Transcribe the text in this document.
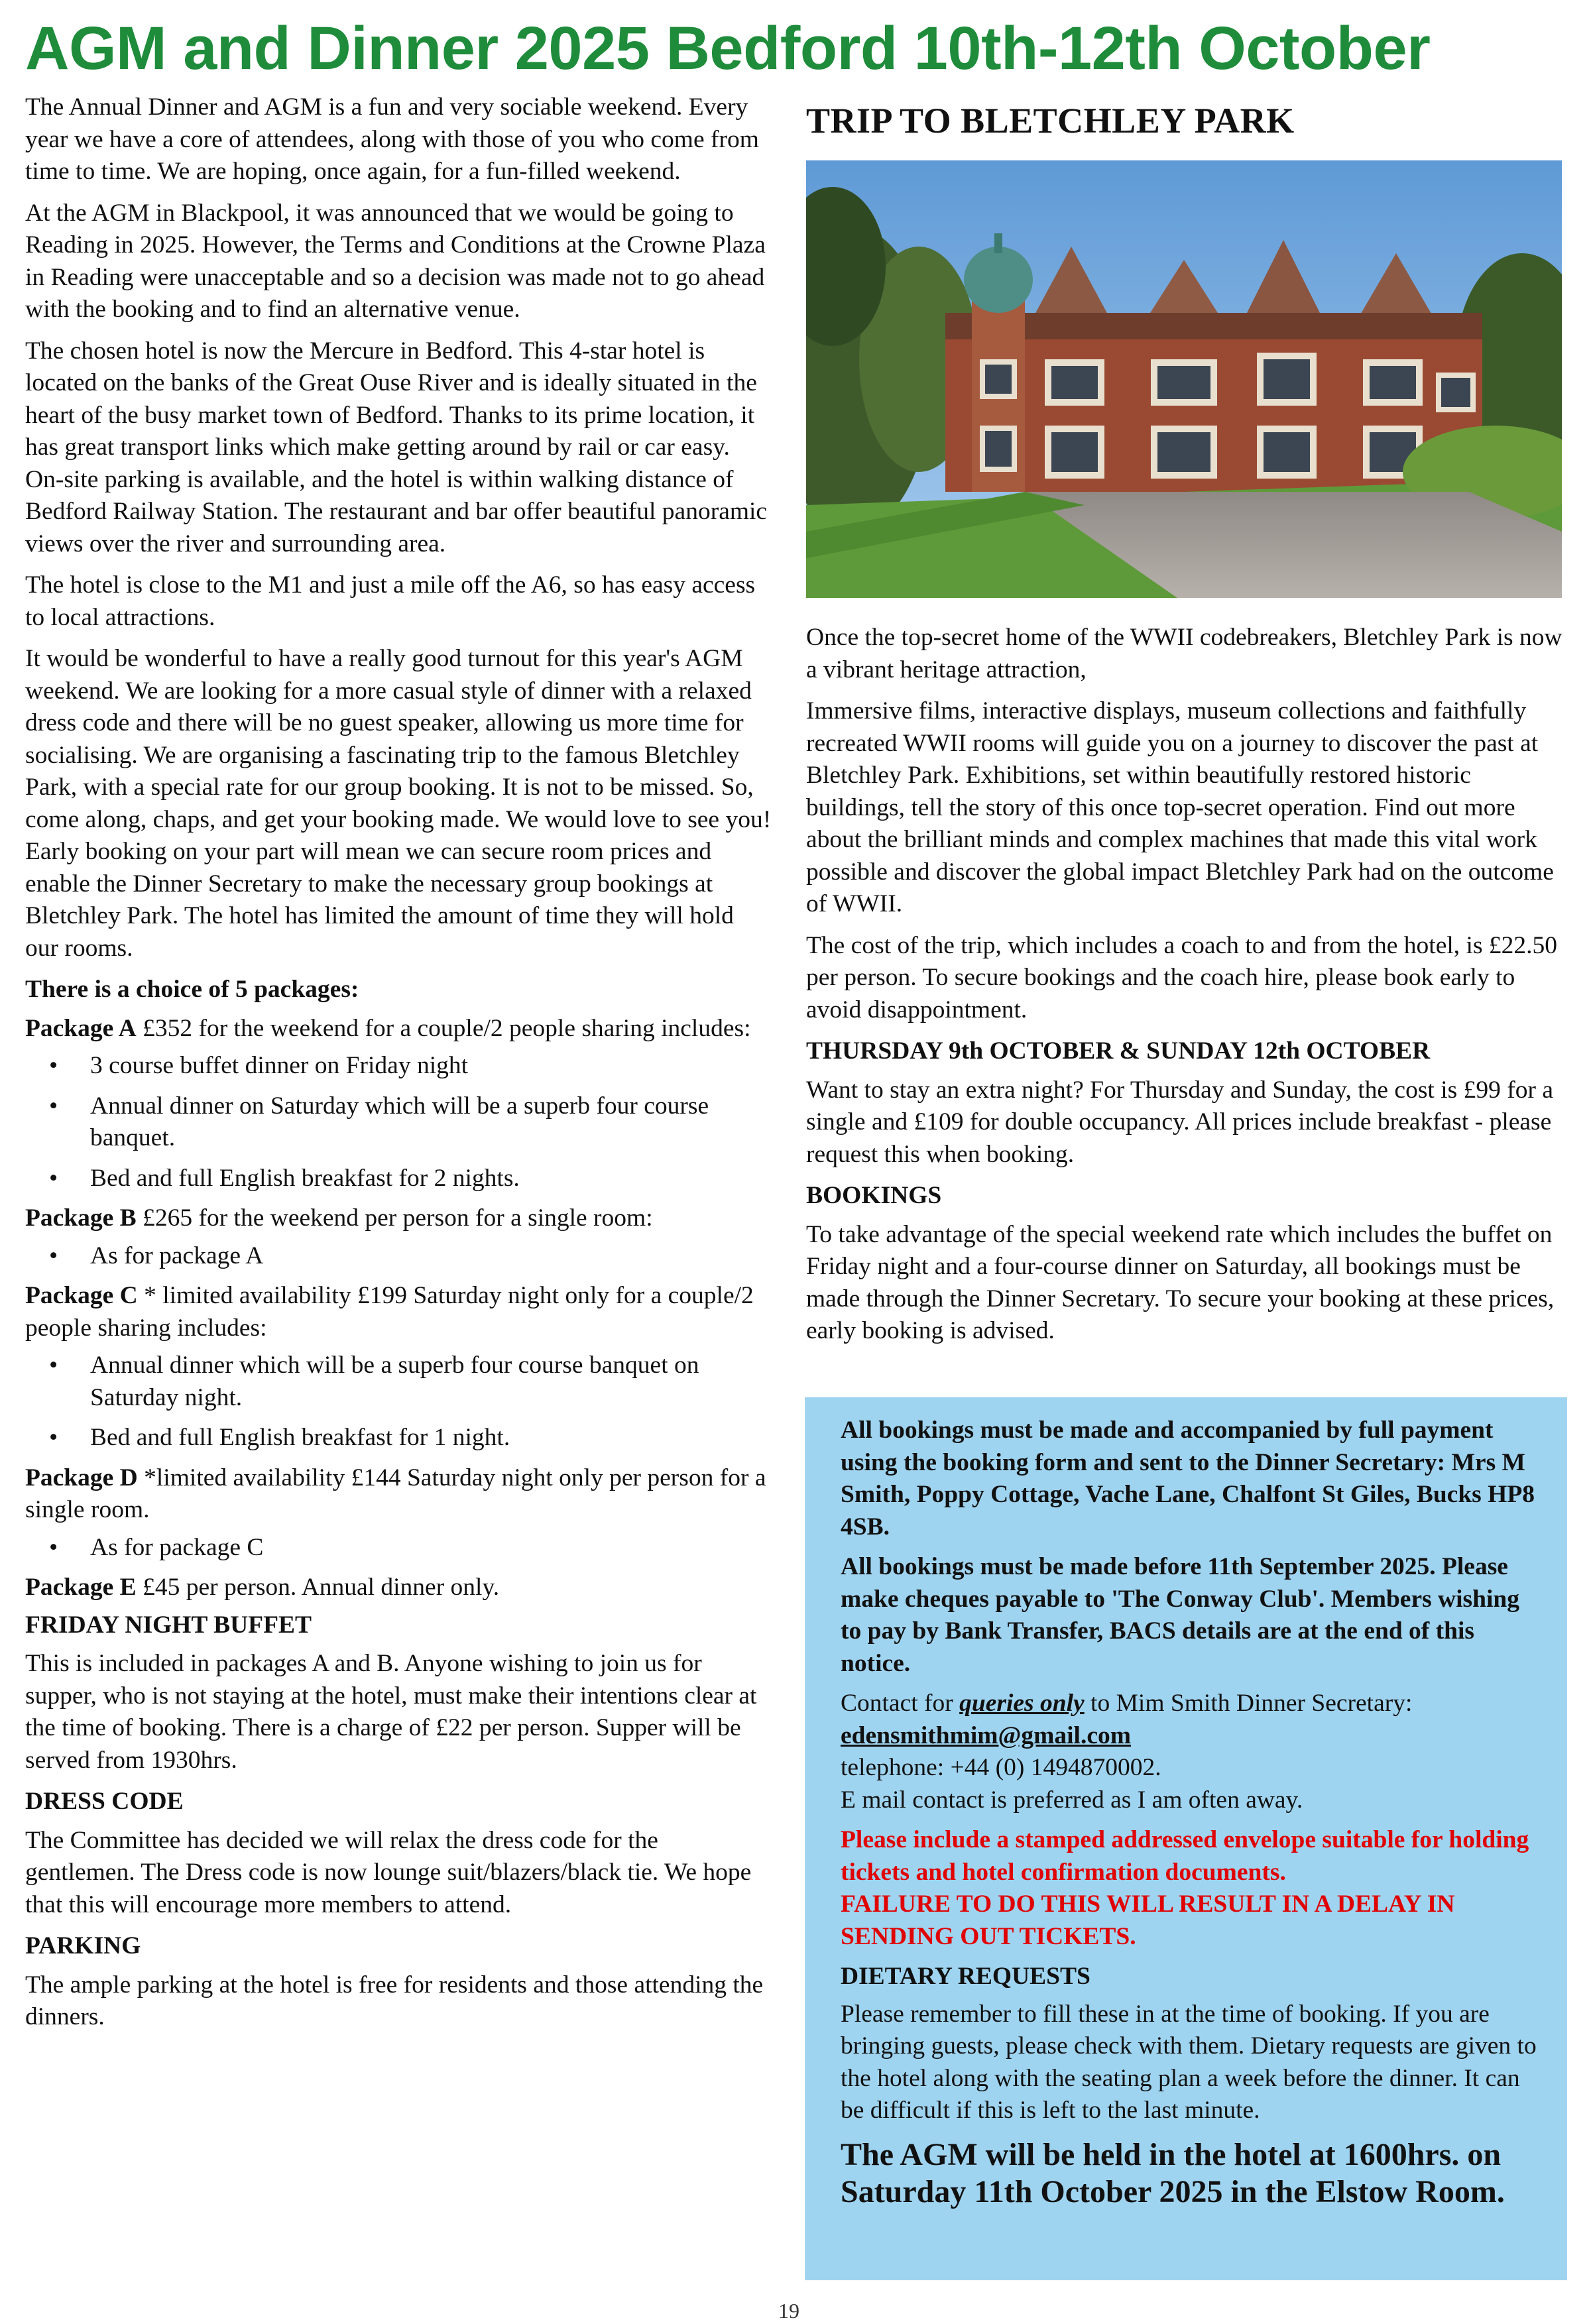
AGM and Dinner 2025 Bedford 10th-12th October

The Annual Dinner and AGM is a fun and very sociable weekend. Every year we have a core of attendees, along with those of you who come from time to time. We are hoping, once again, for a fun-filled weekend.

At the AGM in Blackpool, it was announced that we would be going to Reading in 2025. However, the Terms and Conditions at the Crowne Plaza in Reading were unacceptable and so a decision was made not to go ahead with the booking and to find an alternative venue.

The chosen hotel is now the Mercure in Bedford. This 4-star hotel is located on the banks of the Great Ouse River and is ideally situated in the heart of the busy market town of Bedford. Thanks to its prime location, it has great transport links which make getting around by rail or car easy. On-site parking is available, and the hotel is within walking distance of Bedford Railway Station. The restaurant and bar offer beautiful panoramic views over the river and surrounding area.

The hotel is close to the M1 and just a mile off the A6, so has easy access to local attractions.

It would be wonderful to have a really good turnout for this year's AGM weekend. We are looking for a more casual style of dinner with a relaxed dress code and there will be no guest speaker, allowing us more time for socialising. We are organising a fascinating trip to the famous Bletchley Park, with a special rate for our group booking. It is not to be missed. So, come along, chaps, and get your booking made. We would love to see you! Early booking on your part will mean we can secure room prices and enable the Dinner Secretary to make the necessary group bookings at Bletchley Park. The hotel has limited the amount of time they will hold our rooms.

There is a choice of 5 packages:

Package A £352 for the weekend for a couple/2 people sharing includes:

• 3 course buffet dinner on Friday night
• Annual dinner on Saturday which will be a superb four course banquet.
• Bed and full English breakfast for 2 nights.

Package B £265 for the weekend per person for a single room:

• As for package A

Package C * limited availability £199 Saturday night only for a couple/2 people sharing includes:

• Annual dinner which will be a superb four course banquet on Saturday night.
• Bed and full English breakfast for 1 night.

Package D *limited availability £144 Saturday night only per person for a single room.

• As for package C

Package E £45 per person. Annual dinner only.

FRIDAY NIGHT BUFFET

This is included in packages A and B. Anyone wishing to join us for supper, who is not staying at the hotel, must make their intentions clear at the time of booking. There is a charge of £22 per person. Supper will be served from 1930hrs.

DRESS CODE

The Committee has decided we will relax the dress code for the gentlemen. The Dress code is now lounge suit/blazers/black tie. We hope that this will encourage more members to attend.

PARKING

The ample parking at the hotel is free for residents and those attending the dinners.

TRIP TO BLETCHLEY PARK

Once the top-secret home of the WWII codebreakers, Bletchley Park is now a vibrant heritage attraction,

Immersive films, interactive displays, museum collections and faithfully recreated WWII rooms will guide you on a journey to discover the past at Bletchley Park. Exhibitions, set within beautifully restored historic buildings, tell the story of this once top-secret operation. Find out more about the brilliant minds and complex machines that made this vital work possible and discover the global impact Bletchley Park had on the outcome of WWII.

The cost of the trip, which includes a coach to and from the hotel, is £22.50 per person. To secure bookings and the coach hire, please book early to avoid disappointment.

THURSDAY 9th OCTOBER & SUNDAY 12th OCTOBER

Want to stay an extra night? For Thursday and Sunday, the cost is £99 for a single and £109 for double occupancy. All prices include breakfast - please request this when booking.

BOOKINGS

To take advantage of the special weekend rate which includes the buffet on Friday night and a four-course dinner on Saturday, all bookings must be made through the Dinner Secretary. To secure your booking at these prices, early booking is advised.

All bookings must be made and accompanied by full payment using the booking form and sent to the Dinner Secretary: Mrs M Smith, Poppy Cottage, Vache Lane, Chalfont St Giles, Bucks HP8 4SB.

All bookings must be made before 11th September 2025. Please make cheques payable to 'The Conway Club'. Members wishing to pay by Bank Transfer, BACS details are at the end of this notice.

Contact for queries only to Mim Smith Dinner Secretary:

edensmithmim@gmail.com

telephone: +44 (0) 1494870002.

E mail contact is preferred as I am often away.

Please include a stamped addressed envelope suitable for holding tickets and hotel confirmation documents.

FAILURE TO DO THIS WILL RESULT IN A DELAY IN SENDING OUT TICKETS.

DIETARY REQUESTS

Please remember to fill these in at the time of booking. If you are bringing guests, please check with them. Dietary requests are given to the hotel along with the seating plan a week before the dinner. It can be difficult if this is left to the last minute.

The AGM will be held in the hotel at 1600hrs. on Saturday 11th October 2025 in the Elstow Room.

19
